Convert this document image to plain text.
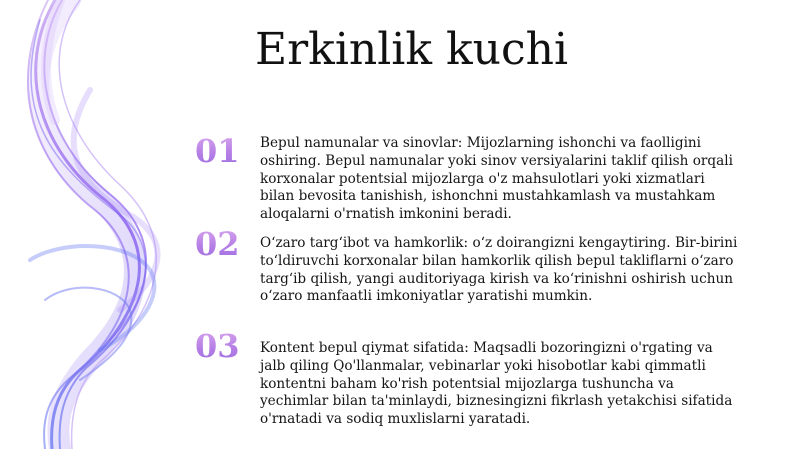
Erkinlik kuchi
01	Bepul namunalar va sinovlar: Mijozlarning ishonchi va faolligini oshiring. Bepul namunalar yoki sinov versiyalarini taklif qilish orqali korxonalar potentsial mijozlarga o'z mahsulotlari yoki xizmatlari bilan bevosita tanishish, ishonchni mustahkamlash va mustahkam aloqalarni o'rnatish imkonini beradi.

02	O‘zaro targ‘ibot va hamkorlik: o‘z doirangizni kengaytiring. Bir-birini to‘ldiruvchi korxonalar bilan hamkorlik qilish bepul takliflarni o‘zaro targ‘ib qilish, yangi auditoriyaga kirish va ko‘rinishni oshirish uchun o‘zaro manfaatli imkoniyatlar yaratishi mumkin.

03	Kontent bepul qiymat sifatida: Maqsadli bozoringizni o'rgating va jalb qiling Qo'llanmalar, vebinarlar yoki hisobotlar kabi qimmatli kontentni baham ko'rish potentsial mijozlarga tushuncha va yechimlar bilan ta'minlaydi, biznesingizni fikrlash yetakchisi sifatida o'rnatadi va sodiq muxlislarni yaratadi.
